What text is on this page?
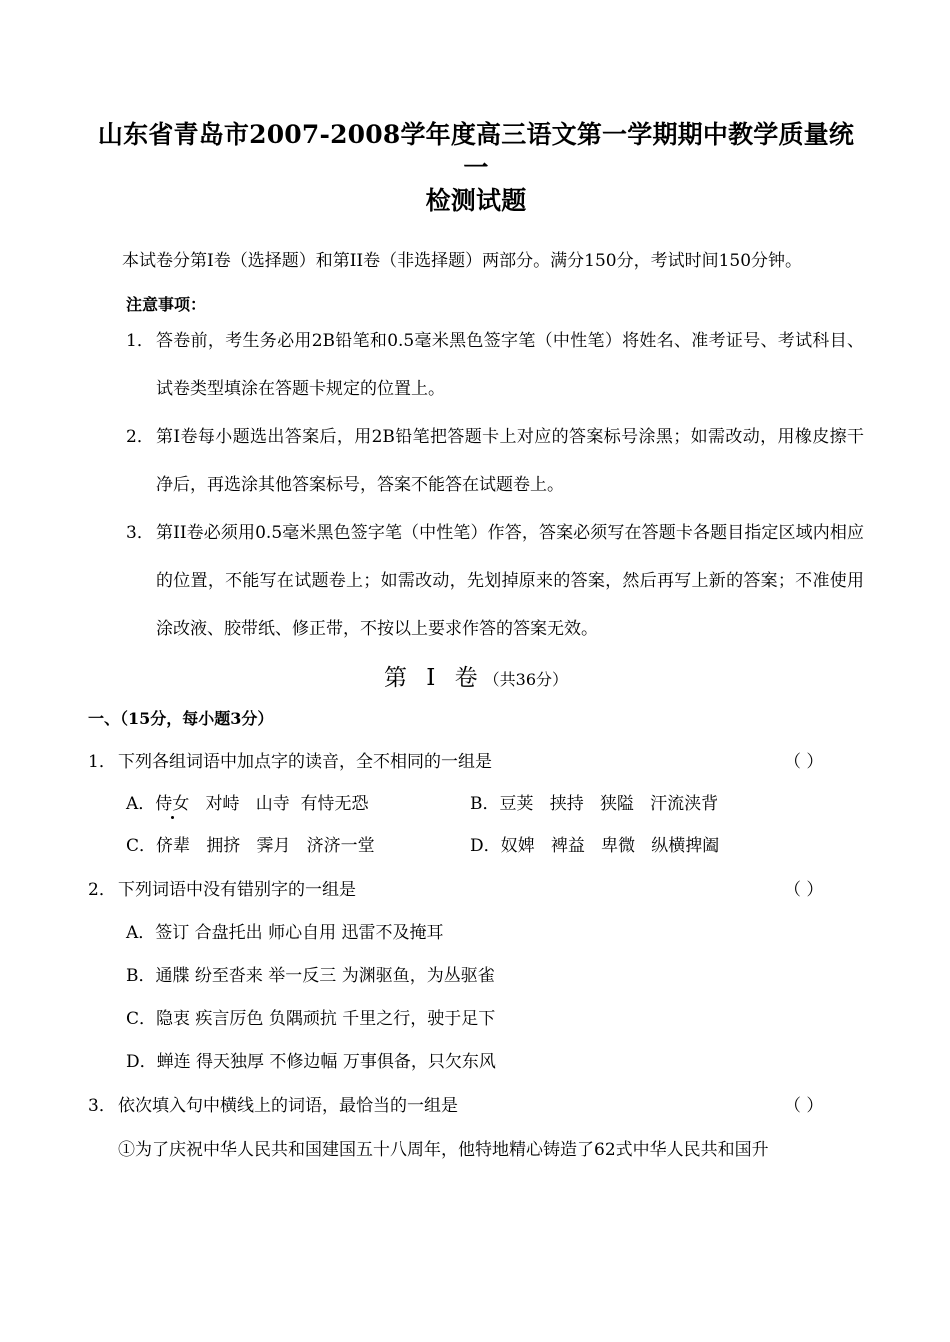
山东省青岛市2007-2008学年度高三语文第一学期期中教学质量统一
检测试题

本试卷分第I卷（选择题）和第II卷（非选择题）两部分。满分150分，考试时间150分钟。

注意事项：
1． 答卷前，考生务必用2B铅笔和0.5毫米黑色签字笔（中性笔）将姓名、准考证号、考试科目、试卷类型填涂在答题卡规定的位置上。
2． 第I卷每小题选出答案后，用2B铅笔把答题卡上对应的答案标号涂黑；如需改动，用橡皮擦干净后，再选涂其他答案标号，答案不能答在试题卷上。
3． 第II卷必须用0.5毫米黑色签字笔（中性笔）作答，答案必须写在答题卡各题目指定区域内相应的位置，不能写在试题卷上；如需改动，先划掉原来的答案，然后再写上新的答案；不准使用涂改液、胶带纸、修正带，不按以上要求作答的答案无效。
第 I 卷（共36分）
一、（15分，每小题3分）
1． 下列各组词语中加点字的读音，全不相同的一组是	（ ）
A．侍女 对峙 山寺 有恃无恐	B．豆荚 挟持 狭隘 汗流浃背
C．侪辈 拥挤 霁月 济济一堂	D．奴婢 裨益 卑微 纵横捭阖
2． 下列词语中没有错别字的一组是	（ ）
A．签订 合盘托出 师心自用 迅雷不及掩耳
B．通牒 纷至沓来 举一反三 为渊驱鱼，为丛驱雀
C．隐衷 疾言厉色 负隅顽抗 千里之行，驶于足下
D．蝉连 得天独厚 不修边幅 万事俱备，只欠东风
3． 依次填入句中横线上的词语，最恰当的一组是	（ ）
①为了庆祝中华人民共和国建国五十八周年，他特地精心铸造了62式中华人民共和国升
